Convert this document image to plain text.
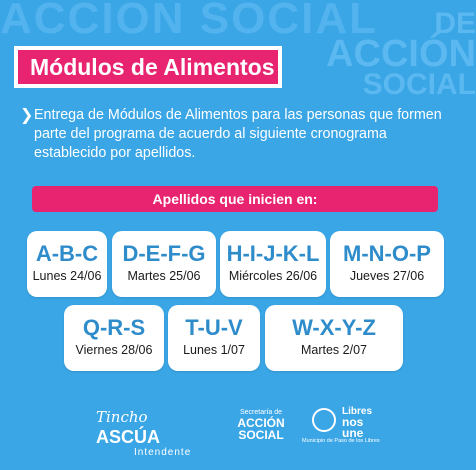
ACCION SOCIAL	DE
ACCIÓN
SOCIAL
Módulos de Alimentos
❯ Entrega de Módulos de Alimentos para las personas que formen parte del programa de acuerdo al siguiente cronograma establecido por apellidos.
Apellidos que inicien en:
A-B-C
Lunes 24/06
D-E-F-G
Martes 25/06
H-I-J-K-L
Miércoles 26/06
M-N-O-P
Jueves 27/06
Q-R-S
Viernes 28/06
T-U-V
Lunes 1/07
W-X-Y-Z
Martes 2/07
Tincho ASCÚA
Intendente
Secretaría de
ACCIÓN
SOCIAL
Libres
nos une
Municipio de Paso de los Libres
